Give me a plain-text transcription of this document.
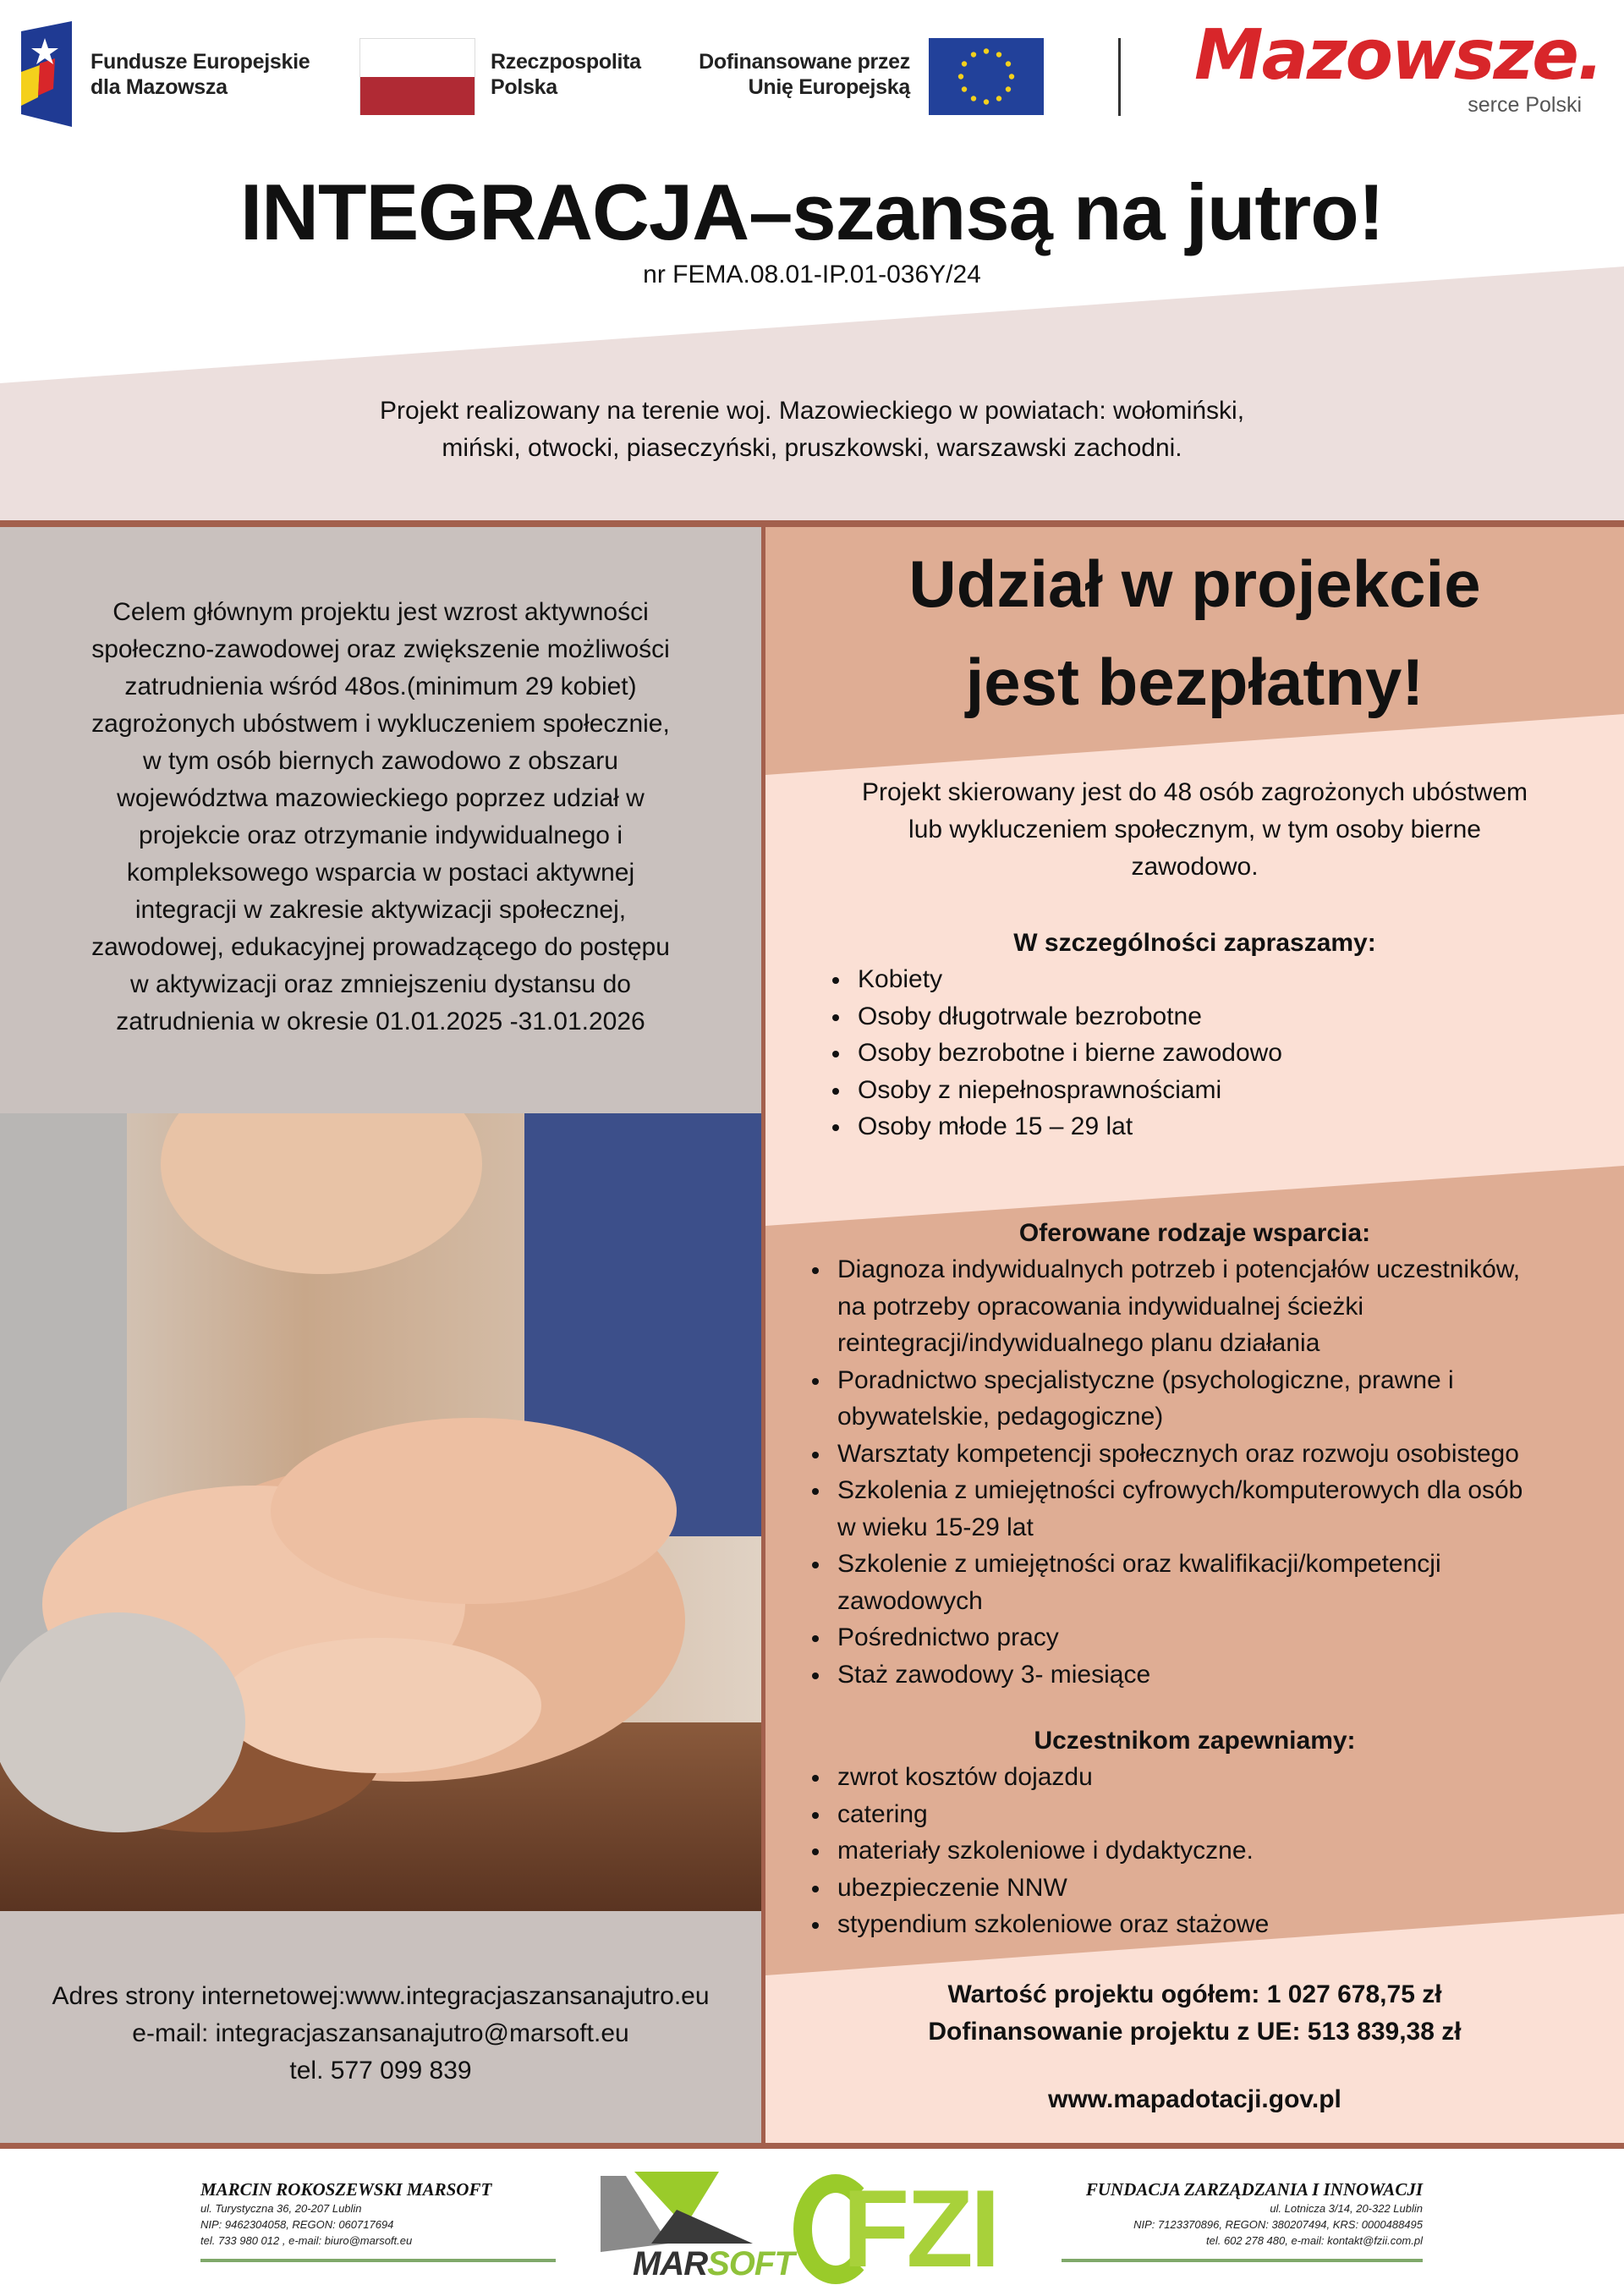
Fundusze Europejskie
dla Mazowsza
Rzeczpospolita
Polska
Dofinansowane przez
Unię Europejską	Mazowsze.
serce Polski
INTEGRACJA–szansą na jutro!
nr FEMA.08.01-IP.01-036Y/24
Projekt realizowany na terenie woj. Mazowieckiego w powiatach: wołomiński,
miński, otwocki, piaseczyński, pruszkowski, warszawski zachodni.
Celem głównym projektu jest wzrost aktywności
społeczno-zawodowej oraz zwiększenie możliwości
zatrudnienia wśród 48os.(minimum 29 kobiet)
zagrożonych ubóstwem i wykluczeniem społecznie,
w tym osób biernych zawodowo z obszaru
województwa mazowieckiego poprzez udział w
projekcie oraz otrzymanie indywidualnego i
kompleksowego wsparcia w postaci aktywnej
integracji w zakresie aktywizacji społecznej,
zawodowej, edukacyjnej prowadzącego do postępu
w aktywizacji oraz zmniejszeniu dystansu do
zatrudnienia w okresie 01.01.2025 -31.01.2026
Adres strony internetowej:www.integracjaszansanajutro.eu
e-mail: integracjaszansanajutro@marsoft.eu
tel. 577 099 839
Udział w projekcie
jest bezpłatny!
Projekt skierowany jest do 48 osób zagrożonych ubóstwem
lub wykluczeniem społecznym, w tym osoby bierne
zawodowo.
W szczególności zapraszamy:
Kobiety
Osoby długotrwale bezrobotne
Osoby bezrobotne i bierne zawodowo
Osoby z niepełnosprawnościami
Osoby młode 15 – 29 lat
Oferowane rodzaje wsparcia:
Diagnoza indywidualnych potrzeb i potencjałów uczestników,
na potrzeby opracowania indywidualnej ścieżki
reintegracji/indywidualnego planu działania
Poradnictwo specjalistyczne (psychologiczne, prawne i
obywatelskie, pedagogiczne)
Warsztaty kompetencji społecznych oraz rozwoju osobistego
Szkolenia z umiejętności cyfrowych/komputerowych dla osób
w wieku 15-29 lat
Szkolenie z umiejętności oraz kwalifikacji/kompetencji
zawodowych
Pośrednictwo pracy
Staż zawodowy 3- miesiące
Uczestnikom zapewniamy:
zwrot kosztów dojazdu
catering
materiały szkoleniowe i dydaktyczne.
ubezpieczenie NNW
stypendium szkoleniowe oraz stażowe
Wartość projektu ogółem: 1 027 678,75 zł
Dofinansowanie projektu z UE: 513 839,38 zł
www.mapadotacji.gov.pl
MARCIN ROKOSZEWSKI MARSOFT
ul. Turystyczna 36, 20-207 Lublin
NIP: 9462304058, REGON: 060717694
tel. 733 980 012 , e-mail: biuro@marsoft.eu
MARSOFT FZI	FUNDACJA ZARZĄDZANIA I INNOWACJI
ul. Lotnicza 3/14, 20-322 Lublin
NIP: 7123370896, REGON: 380207494, KRS: 0000488495
tel. 602 278 480, e-mail: kontakt@fzii.com.pl
